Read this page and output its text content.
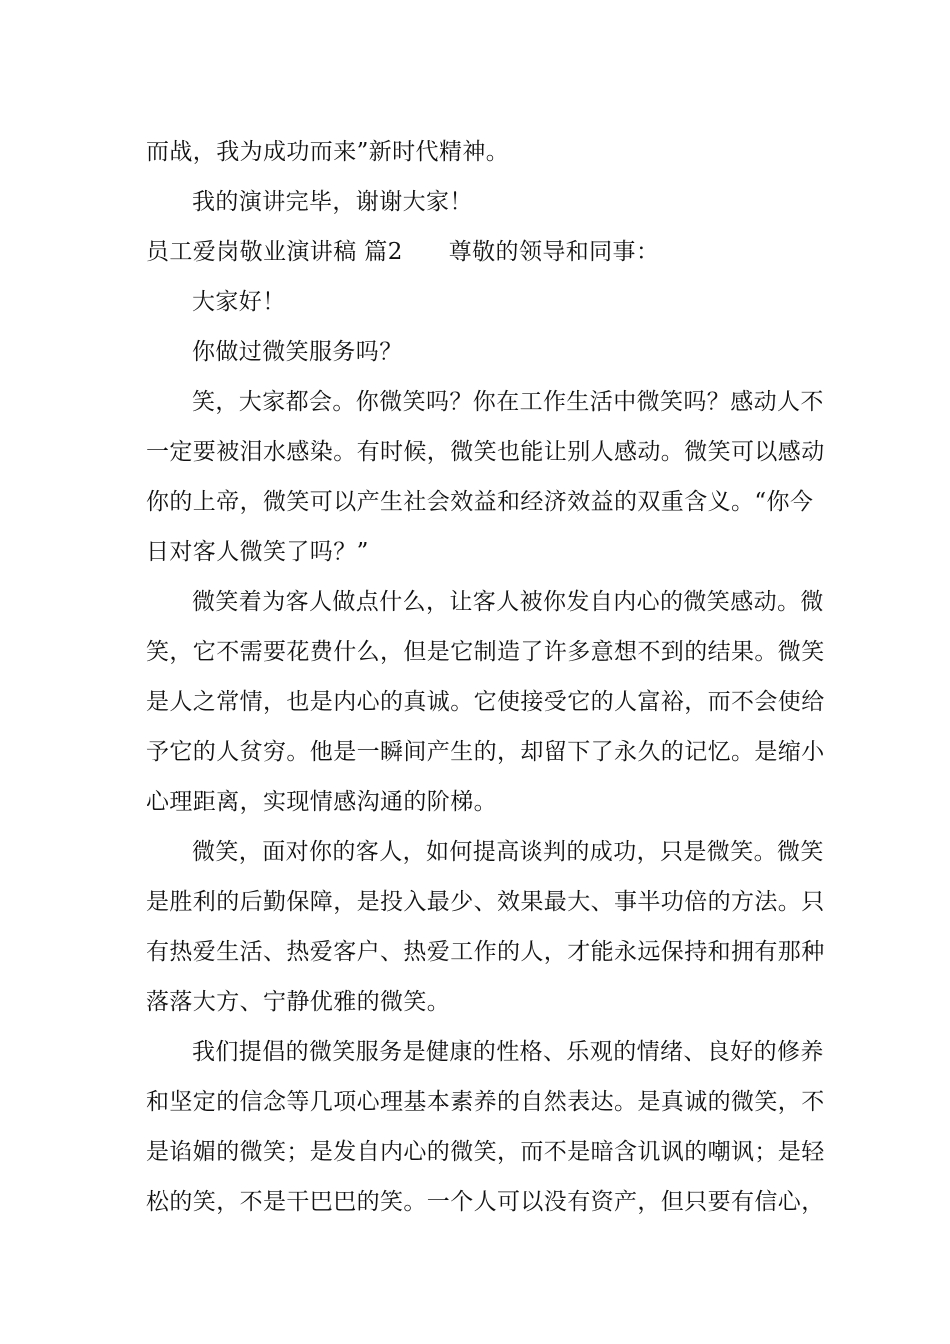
而战，我为成功而来”新时代精神。
我的演讲完毕，谢谢大家！
员工爱岗敬业演讲稿 篇2 尊敬的领导和同事：
大家好！
你做过微笑服务吗？
笑，大家都会。你微笑吗？你在工作生活中微笑吗？感动人不
一定要被泪水感染。有时候，微笑也能让别人感动。微笑可以感动
你的上帝，微笑可以产生社会效益和经济效益的双重含义。“你今
日对客人微笑了吗？”
微笑着为客人做点什么，让客人被你发自内心的微笑感动。微
笑，它不需要花费什么，但是它制造了许多意想不到的结果。微笑
是人之常情，也是内心的真诚。它使接受它的人富裕，而不会使给
予它的人贫穷。他是一瞬间产生的，却留下了永久的记忆。是缩小
心理距离，实现情感沟通的阶梯。
微笑，面对你的客人，如何提高谈判的成功，只是微笑。微笑
是胜利的后勤保障，是投入最少、效果最大、事半功倍的方法。只
有热爱生活、热爱客户、热爱工作的人，才能永远保持和拥有那种
落落大方、宁静优雅的微笑。
我们提倡的微笑服务是健康的性格、乐观的情绪、良好的修养
和坚定的信念等几项心理基本素养的自然表达。是真诚的微笑，不
是谄媚的微笑；是发自内心的微笑，而不是暗含讥讽的嘲讽；是轻
松的笑，不是干巴巴的笑。一个人可以没有资产，但只要有信心，
